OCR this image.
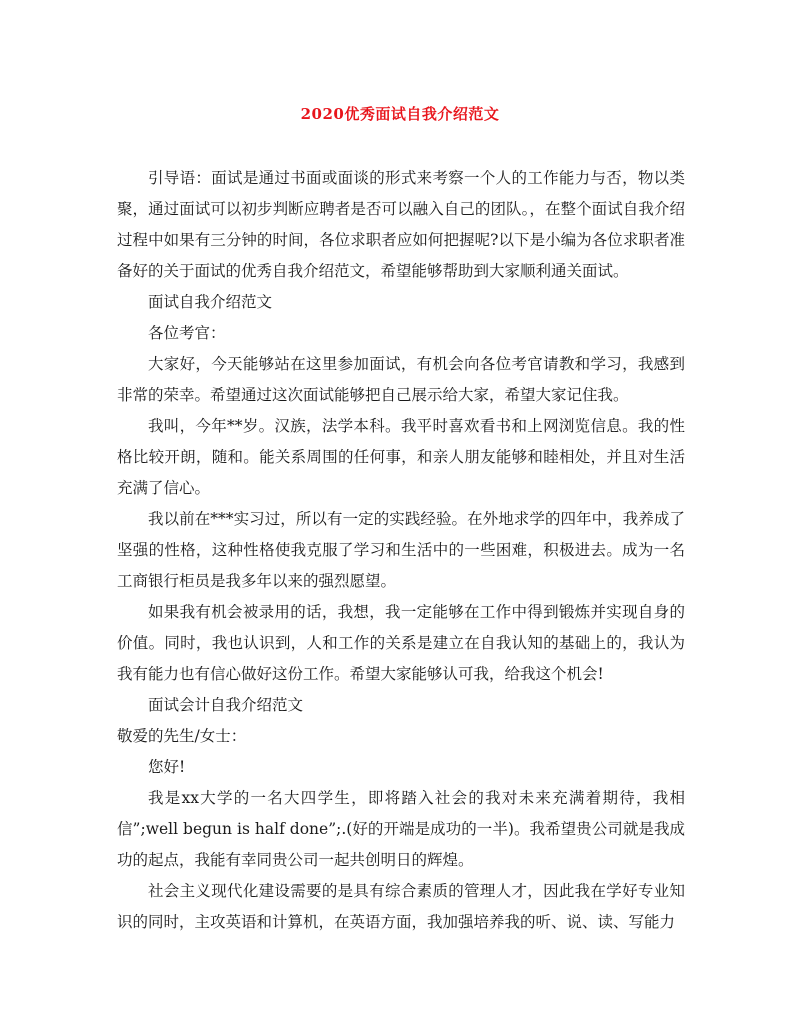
2020优秀面试自我介绍范文

引导语：面试是通过书面或面谈的形式来考察一个人的工作能力与否，物以类聚，通过面试可以初步判断应聘者是否可以融入自己的团队。，在整个面试自我介绍过程中如果有三分钟的时间，各位求职者应如何把握呢?以下是小编为各位求职者准备好的关于面试的优秀自我介绍范文，希望能够帮助到大家顺利通关面试。

面试自我介绍范文

各位考官：

大家好，今天能够站在这里参加面试，有机会向各位考官请教和学习，我感到非常的荣幸。希望通过这次面试能够把自己展示给大家，希望大家记住我。

我叫，今年**岁。汉族，法学本科。我平时喜欢看书和上网浏览信息。我的性格比较开朗，随和。能关系周围的任何事，和亲人朋友能够和睦相处，并且对生活充满了信心。

我以前在***实习过，所以有一定的实践经验。在外地求学的四年中，我养成了坚强的性格，这种性格使我克服了学习和生活中的一些困难，积极进去。成为一名工商银行柜员是我多年以来的强烈愿望。

如果我有机会被录用的话，我想，我一定能够在工作中得到锻炼并实现自身的价值。同时，我也认识到，人和工作的关系是建立在自我认知的基础上的，我认为我有能力也有信心做好这份工作。希望大家能够认可我，给我这个机会!

面试会计自我介绍范文

敬爱的先生/女士：

您好!

我是xx大学的一名大四学生，即将踏入社会的我对未来充满着期待，我相信”;well begun is half done”;.(好的开端是成功的一半)。我希望贵公司就是我成功的起点，我能有幸同贵公司一起共创明日的辉煌。

社会主义现代化建设需要的是具有综合素质的管理人才，因此我在学好专业知识的同时，主攻英语和计算机，在英语方面，我加强培养我的听、说、读、写能力
